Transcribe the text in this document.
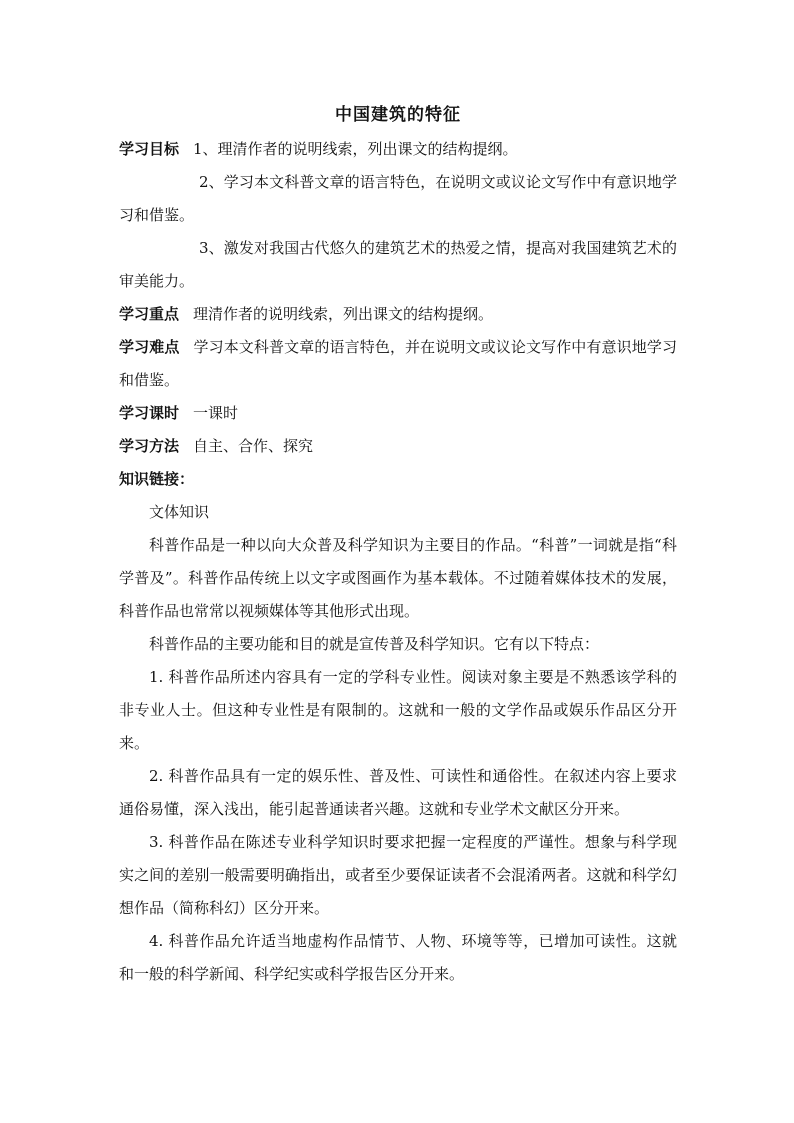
中国建筑的特征

学习目标 1、理清作者的说明线索，列出课文的结构提纲。

2、学习本文科普文章的语言特色，在说明文或议论文写作中有意识地学习和借鉴。

3、激发对我国古代悠久的建筑艺术的热爱之情，提高对我国建筑艺术的审美能力。

学习重点 理清作者的说明线索，列出课文的结构提纲。

学习难点 学习本文科普文章的语言特色，并在说明文或议论文写作中有意识地学习和借鉴。

学习课时 一课时

学习方法 自主、合作、探究

知识链接：

文体知识

科普作品是一种以向大众普及科学知识为主要目的作品。“科普”一词就是指“科学普及”。科普作品传统上以文字或图画作为基本载体。不过随着媒体技术的发展，科普作品也常常以视频媒体等其他形式出现。

科普作品的主要功能和目的就是宣传普及科学知识。它有以下特点：

1. 科普作品所述内容具有一定的学科专业性。阅读对象主要是不熟悉该学科的非专业人士。但这种专业性是有限制的。这就和一般的文学作品或娱乐作品区分开来。

2. 科普作品具有一定的娱乐性、普及性、可读性和通俗性。在叙述内容上要求通俗易懂，深入浅出，能引起普通读者兴趣。这就和专业学术文献区分开来。

3. 科普作品在陈述专业科学知识时要求把握一定程度的严谨性。想象与科学现实之间的差别一般需要明确指出，或者至少要保证读者不会混淆两者。这就和科学幻想作品（简称科幻）区分开来。

4. 科普作品允许适当地虚构作品情节、人物、环境等等，已增加可读性。这就和一般的科学新闻、科学纪实或科学报告区分开来。
